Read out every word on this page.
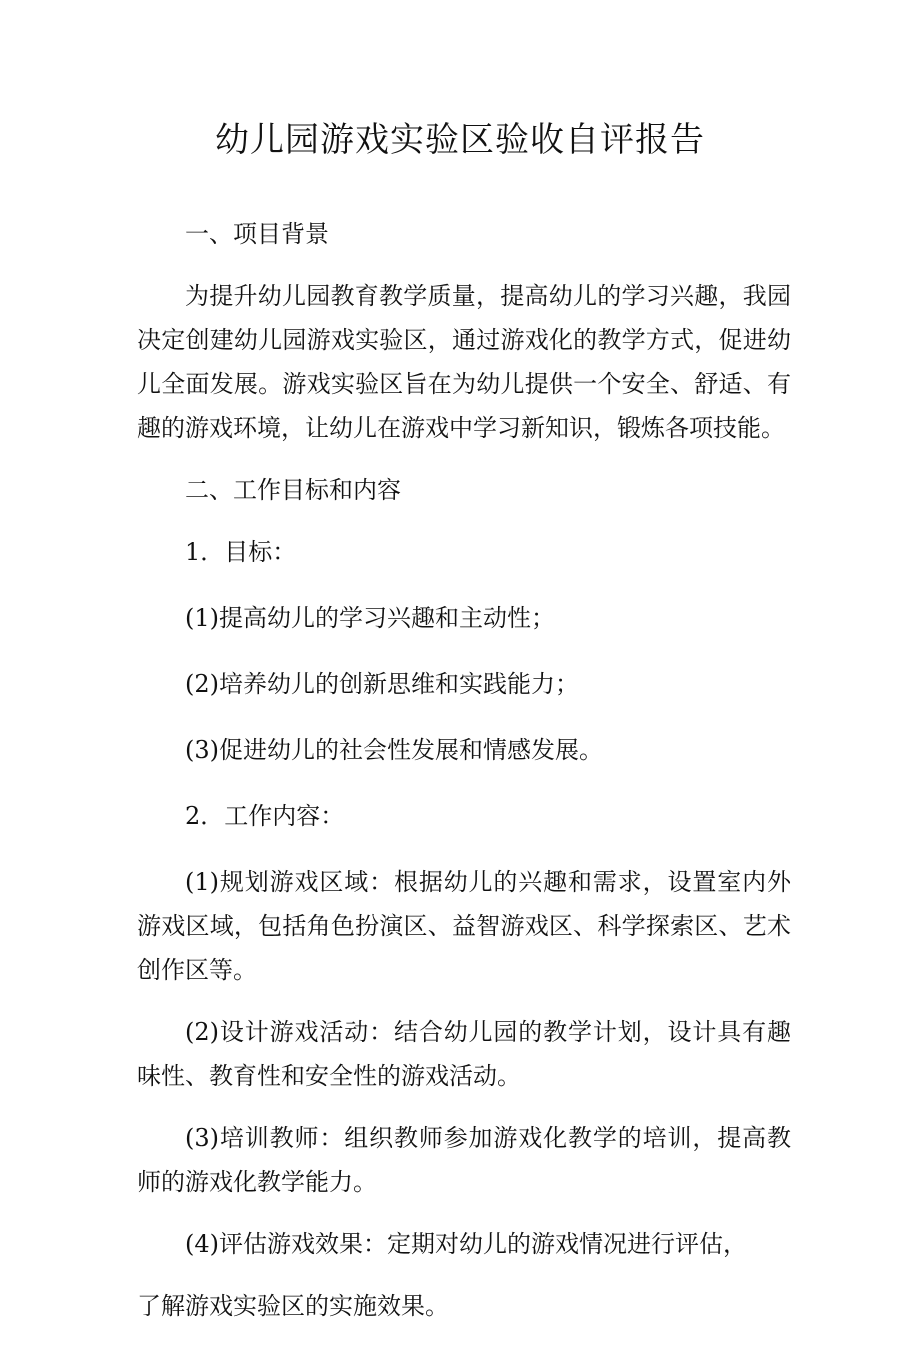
幼儿园游戏实验区验收自评报告

一、项目背景

为提升幼儿园教育教学质量，提高幼儿的学习兴趣，我园决定创建幼儿园游戏实验区，通过游戏化的教学方式，促进幼儿全面发展。游戏实验区旨在为幼儿提供一个安全、舒适、有趣的游戏环境，让幼儿在游戏中学习新知识，锻炼各项技能。

二、工作目标和内容

1．目标：

(1)提高幼儿的学习兴趣和主动性；

(2)培养幼儿的创新思维和实践能力；

(3)促进幼儿的社会性发展和情感发展。

2．工作内容：

(1)规划游戏区域：根据幼儿的兴趣和需求，设置室内外游戏区域，包括角色扮演区、益智游戏区、科学探索区、艺术创作区等。

(2)设计游戏活动：结合幼儿园的教学计划，设计具有趣味性、教育性和安全性的游戏活动。

(3)培训教师：组织教师参加游戏化教学的培训，提高教师的游戏化教学能力。

(4)评估游戏效果：定期对幼儿的游戏情况进行评估，

了解游戏实验区的实施效果。
